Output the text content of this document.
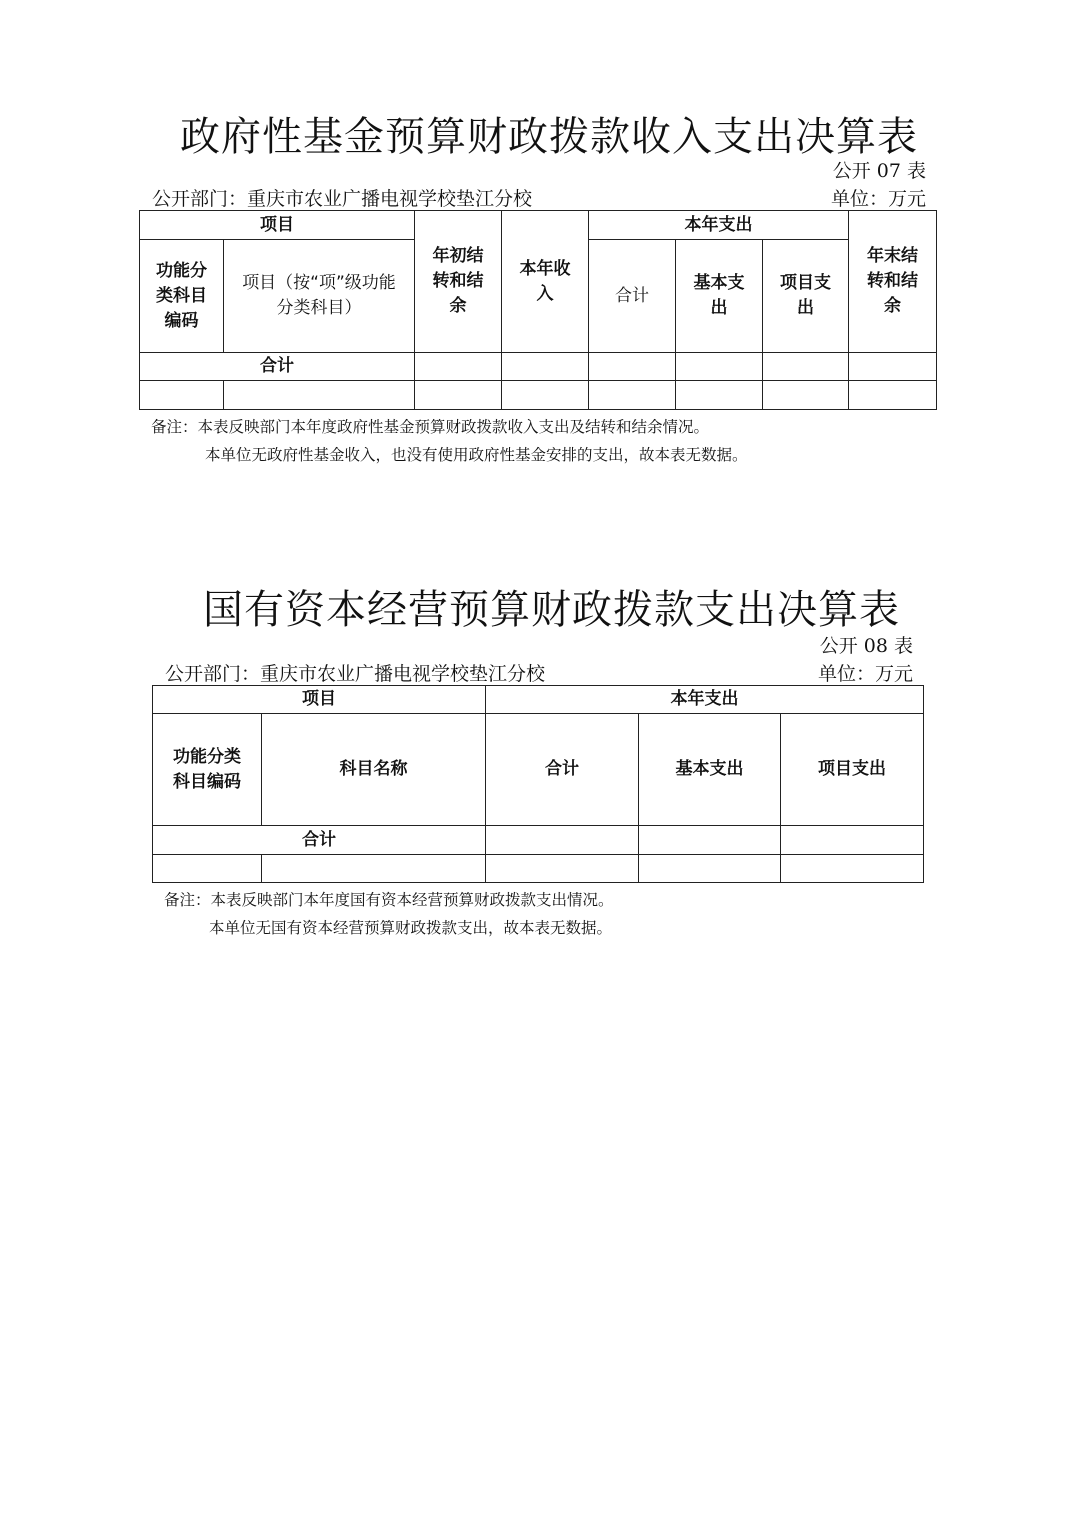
政府性基金预算财政拨款收入支出决算表
公开 07 表
公开部门：重庆市农业广播电视学校垫江分校	单位：万元
项目		年初结转和结余	本年收入	本年支出			年末结转和结余

功能分类科目编码	项目（按“项”级功能分类科目）			合计	基本支出	项目支出	

合计							

备注：本表反映部门本年度政府性基金预算财政拨款收入支出及结转和结余情况。
本单位无政府性基金收入，也没有使用政府性基金安排的支出，故本表无数据。
国有资本经营预算财政拨款支出决算表
公开 08 表
公开部门：重庆市农业广播电视学校垫江分校	单位：万元
项目		本年支出		

功能分类科目编码	科目名称	合计	基本支出	项目支出
合计				

备注：本表反映部门本年度国有资本经营预算财政拨款支出情况。
本单位无国有资本经营预算财政拨款支出，故本表无数据。
